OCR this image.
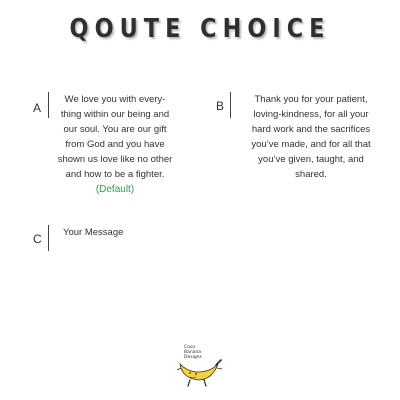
QOUTE CHOICE
A
We love you with every-
thing within our being and
our soul. You are our gift
from God and you have
shown us love like no other
and how to be a fighter.
(Default)
B	Thank you for your patient,
loving-kindness, for all your
hard work and the sacrifices
you’ve made, and for all that
you’ve given, taught, and
shared.
C Your Message
Coco
Banana
Designs
